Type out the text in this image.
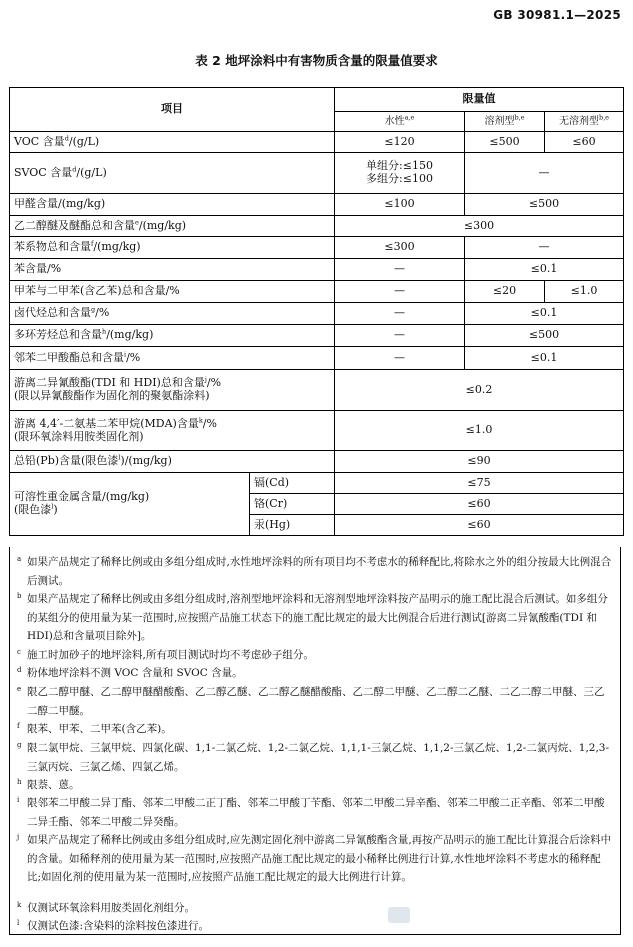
GB 30981.1—2025
表 2 地坪涂料中有害物质含量的限量值要求
项目		限量值		
		水性$^{a,e}$	溶剂型$^{b,e}$	无溶剂型$^{b,e}$
VOC 含量$^d$/(g/L)		≤120	≤500	≤60
SVOC 含量$^d$/(g/L)		单组分:≤150
多组分:≤100	—	
甲醛含量/(mg/kg)		≤100	≤500	
乙二醇醚及醚酯总和含量$^e$/(mg/kg)		≤300		
苯系物总和含量$^f$/(mg/kg)		≤300	—	
苯含量/%		—	≤0.1	
甲苯与二甲苯(含乙苯)总和含量/%		—	≤20	≤1.0
卤代烃总和含量$^g$/%		—	≤0.1	
多环芳烃总和含量$^h$/(mg/kg)		—	≤500	
邻苯二甲酸酯总和含量$^i$/%		—	≤0.1	
游离二异氰酸酯(TDI 和 HDI)总和含量$^j$/%
(限以异氰酸酯作为固化剂的聚氨酯涂料)		≤0.2		
游离 4,4′-二氨基二苯甲烷(MDA)含量$^k$/%
(限环氧涂料用胺类固化剂)		≤1.0		
总铅(Pb)含量(限色漆$^l$)/(mg/kg)		≤90		
可溶性重金属含量/(mg/kg)
(限色漆$^l$)	镉(Cd)	≤75		
	铬(Cr)	≤60		
	汞(Hg)	≤60		
a 如果产品规定了稀释比例或由多组分组成时,水性地坪涂料的所有项目均不考虑水的稀释配比,将除水之外的组分按最大比例混合后测试。
b 如果产品规定了稀释比例或由多组分组成时,溶剂型地坪涂料和无溶剂型地坪涂料按产品明示的施工配比混合后测试。如多组分的某组分的使用量为某一范围时,应按照产品施工状态下的施工配比规定的最大比例混合后进行测试[游离二异氰酸酯(TDI 和 HDI)总和含量项目除外]。
c 施工时加砂子的地坪涂料,所有项目测试时均不考虑砂子组分。
d 粉体地坪涂料不测 VOC 含量和 SVOC 含量。
e 限乙二醇甲醚、乙二醇甲醚醋酸酯、乙二醇乙醚、乙二醇乙醚醋酸酯、乙二醇二甲醚、乙二醇二乙醚、二乙二醇二甲醚、三乙二醇二甲醚。
f 限苯、甲苯、二甲苯(含乙苯)。
g 限二氯甲烷、三氯甲烷、四氯化碳、1,1-二氯乙烷、1,2-二氯乙烷、1,1,1-三氯乙烷、1,1,2-三氯乙烷、1,2-二氯丙烷、1,2,3-三氯丙烷、三氯乙烯、四氯乙烯。
h 限萘、蒽。
i 限邻苯二甲酸二异丁酯、邻苯二甲酸二正丁酯、邻苯二甲酸丁苄酯、邻苯二甲酸二异辛酯、邻苯二甲酸二正辛酯、邻苯二甲酸二异壬酯、邻苯二甲酸二异癸酯。
j 如果产品规定了稀释比例或由多组分组成时,应先测定固化剂中游离二异氰酸酯含量,再按产品明示的施工配比计算混合后涂料中的含量。如稀释剂的使用量为某一范围时,应按照产品施工配比规定的最小稀释比例进行计算,水性地坪涂料不考虑水的稀释配比;如固化剂的使用量为某一范围时,应按照产品施工配比规定的最大比例进行计算。
k 仅测试环氧涂料用胺类固化剂组分。
l 仅测试色漆:含染料的涂料按色漆进行。
